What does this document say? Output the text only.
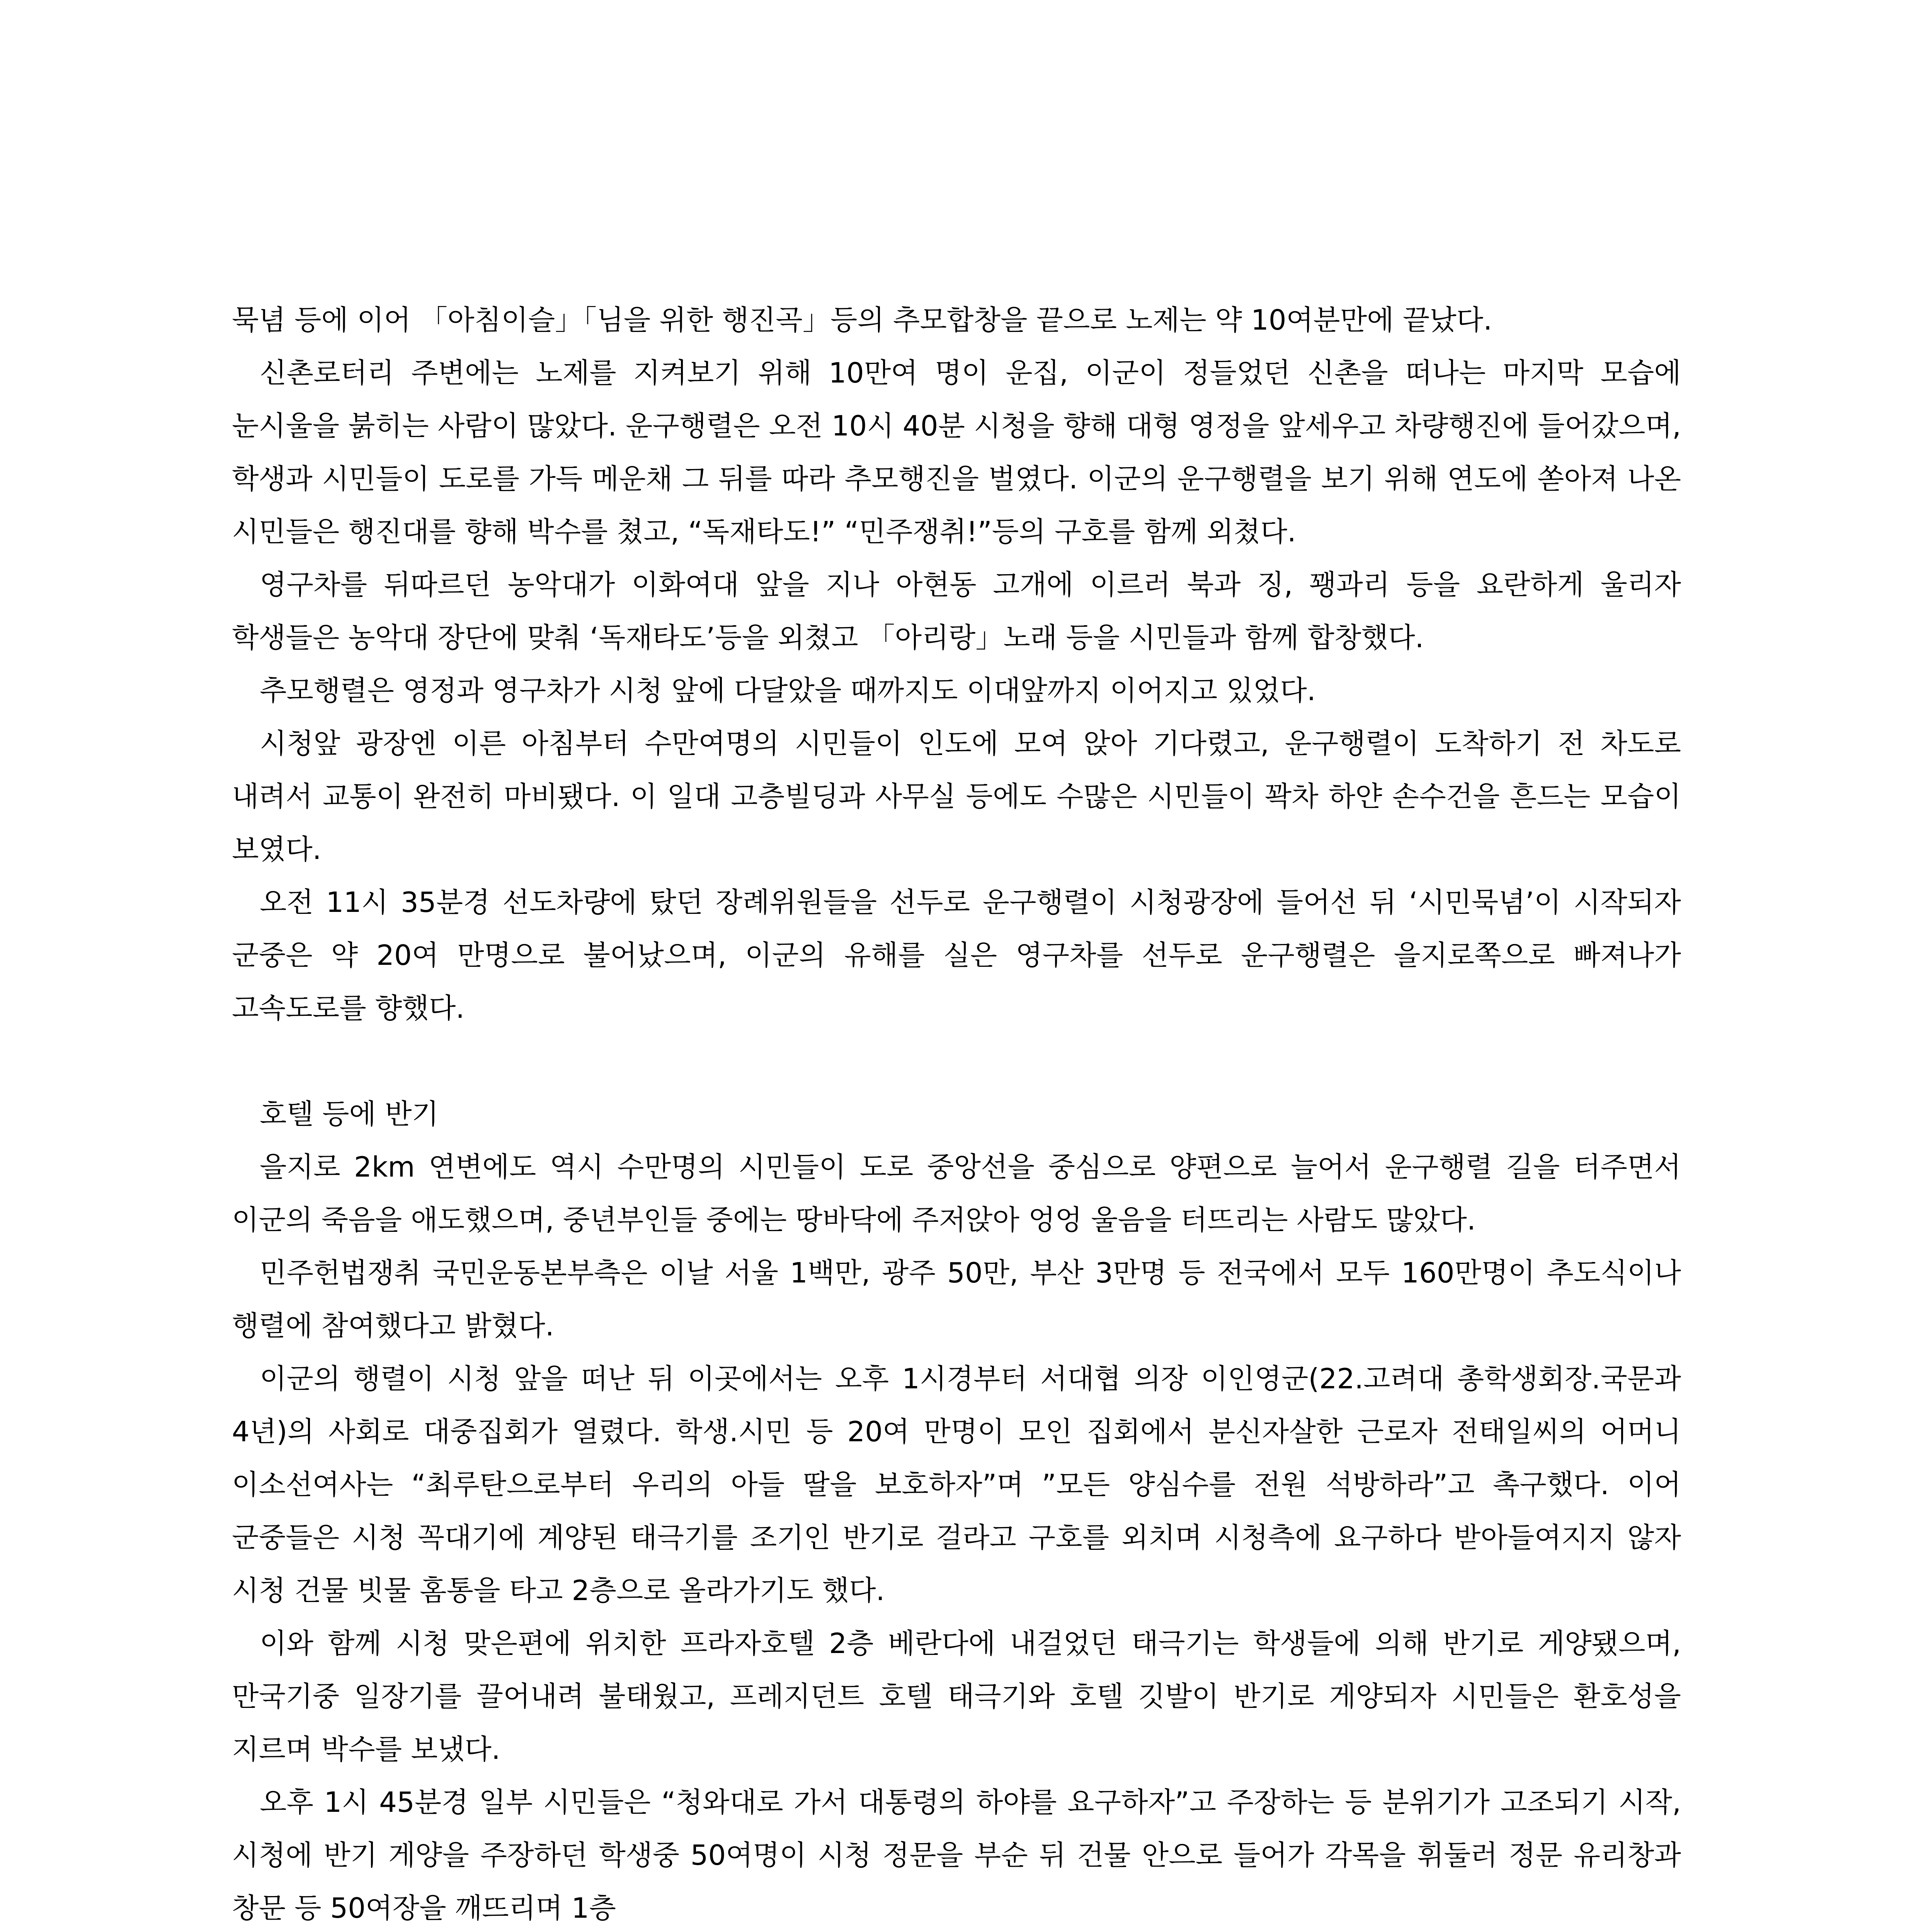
묵념 등에 이어 「아침이슬」「님을 위한 행진곡」등의 추모합창을 끝으로 노제는 약 10여분만에 끝났다.

신촌로터리 주변에는 노제를 지켜보기 위해 10만여 명이 운집, 이군이 정들었던 신촌을 떠나는 마지막 모습에 눈시울을 붉히는 사람이 많았다. 운구행렬은 오전 10시 40분 시청을 향해 대형 영정을 앞세우고 차량행진에 들어갔으며, 학생과 시민들이 도로를 가득 메운채 그 뒤를 따라 추모행진을 벌였다. 이군의 운구행렬을 보기 위해 연도에 쏟아져 나온 시민들은 행진대를 향해 박수를 쳤고, “독재타도!” “민주쟁취!”등의 구호를 함께 외쳤다.

영구차를 뒤따르던 농악대가 이화여대 앞을 지나 아현동 고개에 이르러 북과 징, 꽹과리 등을 요란하게 울리자 학생들은 농악대 장단에 맞춰 ‘독재타도’등을 외쳤고 「아리랑」노래 등을 시민들과 함께 합창했다.

추모행렬은 영정과 영구차가 시청 앞에 다달았을 때까지도 이대앞까지 이어지고 있었다.

시청앞 광장엔 이른 아침부터 수만여명의 시민들이 인도에 모여 앉아 기다렸고, 운구행렬이 도착하기 전 차도로 내려서 교통이 완전히 마비됐다. 이 일대 고층빌딩과 사무실 등에도 수많은 시민들이 꽉차 하얀 손수건을 흔드는 모습이 보였다.

오전 11시 35분경 선도차량에 탔던 장례위원들을 선두로 운구행렬이 시청광장에 들어선 뒤 ‘시민묵념’이 시작되자 군중은 약 20여 만명으로 불어났으며, 이군의 유해를 실은 영구차를 선두로 운구행렬은 을지로쪽으로 빠져나가 고속도로를 향했다.

호텔 등에 반기

을지로 2km 연변에도 역시 수만명의 시민들이 도로 중앙선을 중심으로 양편으로 늘어서 운구행렬 길을 터주면서 이군의 죽음을 애도했으며, 중년부인들 중에는 땅바닥에 주저앉아 엉엉 울음을 터뜨리는 사람도 많았다.

민주헌법쟁취 국민운동본부측은 이날 서울 1백만, 광주 50만, 부산 3만명 등 전국에서 모두 160만명이 추도식이나 행렬에 참여했다고 밝혔다.

이군의 행렬이 시청 앞을 떠난 뒤 이곳에서는 오후 1시경부터 서대협 의장 이인영군(22.고려대 총학생회장.국문과 4년)의 사회로 대중집회가 열렸다. 학생.시민 등 20여 만명이 모인 집회에서 분신자살한 근로자 전태일씨의 어머니 이소선여사는 “최루탄으로부터 우리의 아들 딸을 보호하자”며 ”모든 양심수를 전원 석방하라”고 촉구했다. 이어 군중들은 시청 꼭대기에 계양된 태극기를 조기인 반기로 걸라고 구호를 외치며 시청측에 요구하다 받아들여지지 않자 시청 건물 빗물 홈통을 타고 2층으로 올라가기도 했다.

이와 함께 시청 맞은편에 위치한 프라자호텔 2층 베란다에 내걸었던 태극기는 학생들에 의해 반기로 게양됐으며, 만국기중 일장기를 끌어내려 불태웠고, 프레지던트 호텔 태극기와 호텔 깃발이 반기로 게양되자 시민들은 환호성을 지르며 박수를 보냈다.

오후 1시 45분경 일부 시민들은 “청와대로 가서 대통령의 하야를 요구하자”고 주장하는 등 분위기가 고조되기 시작, 시청에 반기 게양을 주장하던 학생중 50여명이 시청 정문을 부순 뒤 건물 안으로 들어가 각목을 휘둘러 정문 유리창과 창문 등 50여장을 깨뜨리며 1층
